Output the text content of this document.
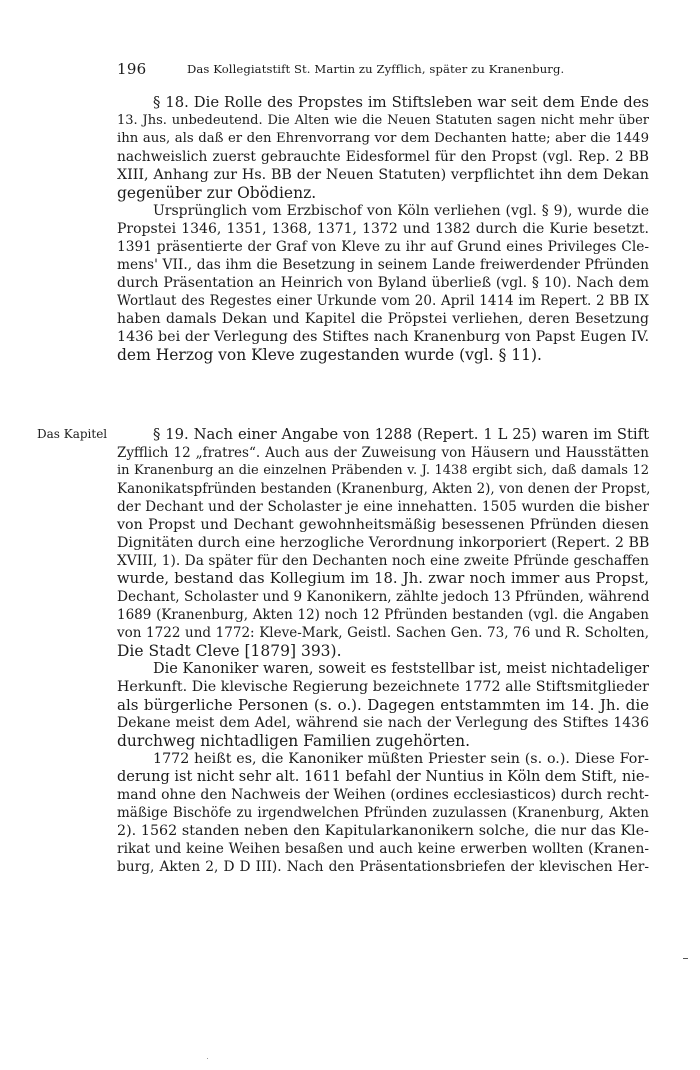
196	Das Kollegiatstift St. Martin zu Zyfflich, später zu Kranenburg.
Das Kapitel
§ 18. Die Rolle des Propstes im Stiftsleben war seit dem Ende des
13. Jhs. unbedeutend. Die Alten wie die Neuen Statuten sagen nicht mehr über
ihn aus, als daß er den Ehrenvorrang vor dem Dechanten hatte; aber die 1449
nachweislich zuerst gebrauchte Eidesformel für den Propst (vgl. Rep. 2 BB
XIII, Anhang zur Hs. BB der Neuen Statuten) verpflichtet ihn dem Dekan
gegenüber zur Obödienz.
Ursprünglich vom Erzbischof von Köln verliehen (vgl. § 9), wurde die
Propstei 1346, 1351, 1368, 1371, 1372 und 1382 durch die Kurie besetzt.
1391 präsentierte der Graf von Kleve zu ihr auf Grund eines Privileges Cle-
mens' VII., das ihm die Besetzung in seinem Lande freiwerdender Pfründen
durch Präsentation an Heinrich von Byland überließ (vgl. § 10). Nach dem
Wortlaut des Regestes einer Urkunde vom 20. April 1414 im Repert. 2 BB IX
haben damals Dekan und Kapitel die Pröpstei verliehen, deren Besetzung
1436 bei der Verlegung des Stiftes nach Kranenburg von Papst Eugen IV.
dem Herzog von Kleve zugestanden wurde (vgl. § 11).
§ 19. Nach einer Angabe von 1288 (Repert. 1 L 25) waren im Stift
Zyfflich 12 „fratres“. Auch aus der Zuweisung von Häusern und Hausstätten
in Kranenburg an die einzelnen Präbenden v. J. 1438 ergibt sich, daß damals 12
Kanonikatspfründen bestanden (Kranenburg, Akten 2), von denen der Propst,
der Dechant und der Scholaster je eine innehatten. 1505 wurden die bisher
von Propst und Dechant gewohnheitsmäßig besessenen Pfründen diesen
Dignitäten durch eine herzogliche Verordnung inkorporiert (Repert. 2 BB
XVIII, 1). Da später für den Dechanten noch eine zweite Pfründe geschaffen
wurde, bestand das Kollegium im 18. Jh. zwar noch immer aus Propst,
Dechant, Scholaster und 9 Kanonikern, zählte jedoch 13 Pfründen, während
1689 (Kranenburg, Akten 12) noch 12 Pfründen bestanden (vgl. die Angaben
von 1722 und 1772: Kleve-Mark, Geistl. Sachen Gen. 73, 76 und R. Scholten,
Die Stadt Cleve [1879] 393).
Die Kanoniker waren, soweit es feststellbar ist, meist nichtadeliger
Herkunft. Die klevische Regierung bezeichnete 1772 alle Stiftsmitglieder
als bürgerliche Personen (s. o.). Dagegen entstammten im 14. Jh. die
Dekane meist dem Adel, während sie nach der Verlegung des Stiftes 1436
durchweg nichtadligen Familien zugehörten.
1772 heißt es, die Kanoniker müßten Priester sein (s. o.). Diese For-
derung ist nicht sehr alt. 1611 befahl der Nuntius in Köln dem Stift, nie-
mand ohne den Nachweis der Weihen (ordines ecclesiasticos) durch recht-
mäßige Bischöfe zu irgendwelchen Pfründen zuzulassen (Kranenburg, Akten
2). 1562 standen neben den Kapitularkanonikern solche, die nur das Kle-
rikat und keine Weihen besaßen und auch keine erwerben wollten (Kranen-
burg, Akten 2, D D III). Nach den Präsentationsbriefen der klevischen Her-
